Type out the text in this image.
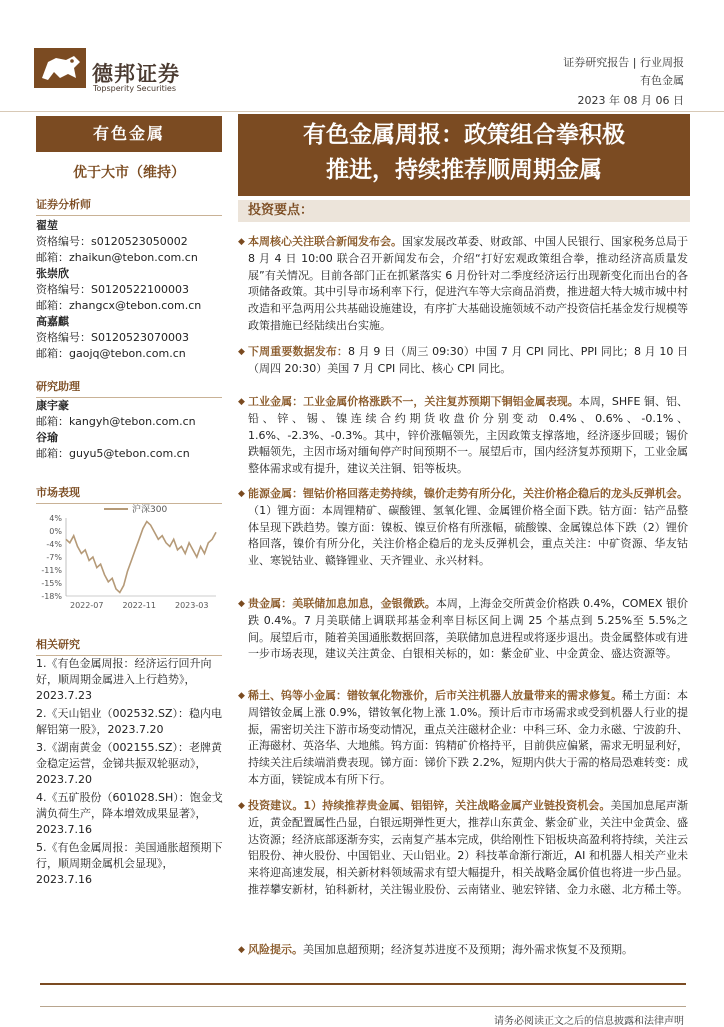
德邦证券
Topsperity Securities
证券研究报告 | 行业周报
有色金属
2023 年 08 月 06 日
有色金属
优于大市（维持）
证券分析师
翟堃
资格编号：s0120523050002
邮箱：zhaikun@tebon.com.cn
张崇欣
资格编号：S0120522100003
邮箱：zhangcx@tebon.com.cn
高嘉麒
资格编号：S0120523070003
邮箱：gaojq@tebon.com.cn
研究助理
康宇豪
邮箱：kangyh@tebon.com.cn
谷瑜
邮箱：guyu5@tebon.com.cn
市场表现
沪深300
4%
0%
-4%
-7%
-11%
-15%
-18%
2022-07 2022-11 2023-03
相关研究
1.《有色金属周报：经济运行回升向好，顺周期金属进入上行趋势》，
2023.7.23
2.《天山铝业（002532.SZ）：稳内电解铝第一股》，2023.7.20
3.《湖南黄金（002155.SZ）：老牌黄金稳定运营，金锑共振双轮驱动》，
2023.7.20
4.《五矿股份（601028.SH）：饱金戈满负荷生产，降本增效成果显著》，
2023.7.16
5.《有色金属周报：美国通胀超预期下行，顺周期金属机会显现》，
2023.7.16
有色金属周报：政策组合拳积极
推进，持续推荐顺周期金属
投资要点：
◆ 本周核心关注联合新闻发布会。国家发展改革委、财政部、中国人民银行、国家税务总局于 8 月 4 日 10:00 联合召开新闻发布会，介绍“打好宏观政策组合拳，推动经济高质量发展”有关情况。目前各部门正在抓紧落实 6 月份针对二季度经济运行出现新变化而出台的各项储备政策。其中引导市场利率下行，促进汽车等大宗商品消费，推进超大特大城市城中村改造和平急两用公共基础设施建设，有序扩大基础设施领域不动产投资信托基金发行规模等政策措施已经陆续出台实施。
◆ 下周重要数据发布：8 月 9 日（周三 09:30）中国 7 月 CPI 同比、PPI 同比；8 月 10 日（周四 20:30）美国 7 月 CPI 同比、核心 CPI 同比。
◆ 工业金属：工业金属价格涨跌不一，关注复苏预期下铜铝金属表现。本周，SHFE 铜、铝、铅、锌、锡、镍连续合约期货收盘价分别变动 0.4%、0.6%、-0.1%、1.6%、-2.3%、-0.3%。其中，锌价涨幅领先，主因政策支撑落地，经济逐步回暖；锡价跌幅领先，主因市场对缅甸停产时间预期不一。展望后市，国内经济复苏预期下，工业金属整体需求或有提升，建议关注铜、铝等板块。
◆ 能源金属：锂钴价格回落走势持续，镍价走势有所分化，关注价格企稳后的龙头反弹机会。（1）锂方面：本周锂精矿、碳酸锂、氢氧化锂、金属锂价格全面下跌。钴方面：钴产品整体呈现下跌趋势。镍方面：镍板、镍豆价格有所涨幅，硫酸镍、金属镍总体下跌（2）锂价格回落，镍价有所分化，关注价格企稳后的龙头反弹机会，重点关注：中矿资源、华友钴业、寒锐钴业、赣锋锂业、天齐锂业、永兴材料。
◆ 贵金属：美联储加息加息，金银微跌。本周，上海金交所黄金价格跌 0.4%，COMEX 银价跌 0.4%。7 月美联储上调联邦基金利率目标区间上调 25 个基点到 5.25%至 5.5%之间。展望后市，随着美国通胀数据回落，美联储加息进程或将逐步退出。贵金属整体或有进一步市场表现，建议关注黄金、白银相关标的，如：紫金矿业、中金黄金、盛达资源等。
◆ 稀土、钨等小金属：镨钕氧化物涨价，后市关注机器人放量带来的需求修复。稀土方面：本周镨钕金属上涨 0.9%，镨钕氧化物上涨 1.0%。预计后市市场需求或受到机器人行业的提振，需密切关注下游市场变动情况，重点关注磁材企业：中科三环、金力永磁、宁波韵升、正海磁材、英洛华、大地熊。钨方面：钨精矿价格持平，目前供应偏紧，需求无明显利好，持续关注后续端消费表现。锑方面：锑价下跌 2.2%，短期内供大于需的格局恐难转变：成本方面，镁锭成本有所下行。
◆ 投资建议。1）持续推荐贵金属、铝铝锌，关注战略金属产业链投资机会。美国加息尾声渐近，黄金配置属性凸显，白银远期弹性更大，推荐山东黄金、紫金矿业，关注中金黄金、盛达资源；经济底部逐渐夯实，云南复产基本完成，供给刚性下铝板块高盈利将持续，关注云铝股份、神火股份、中国铝业、天山铝业。2）科技革命渐行渐近，AI 和机器人相关产业未来将迎高速发展，相关新材料领域需求有望大幅提升，相关战略金属价值也将进一步凸显。推荐攀安新材，铂科新材，关注锡业股份、云南锗业、驰宏锌锗、金力永磁、北方稀土等。
◆ 风险提示。美国加息超预期；经济复苏进度不及预期；海外需求恢复不及预期。
请务必阅读正文之后的信息披露和法律声明
